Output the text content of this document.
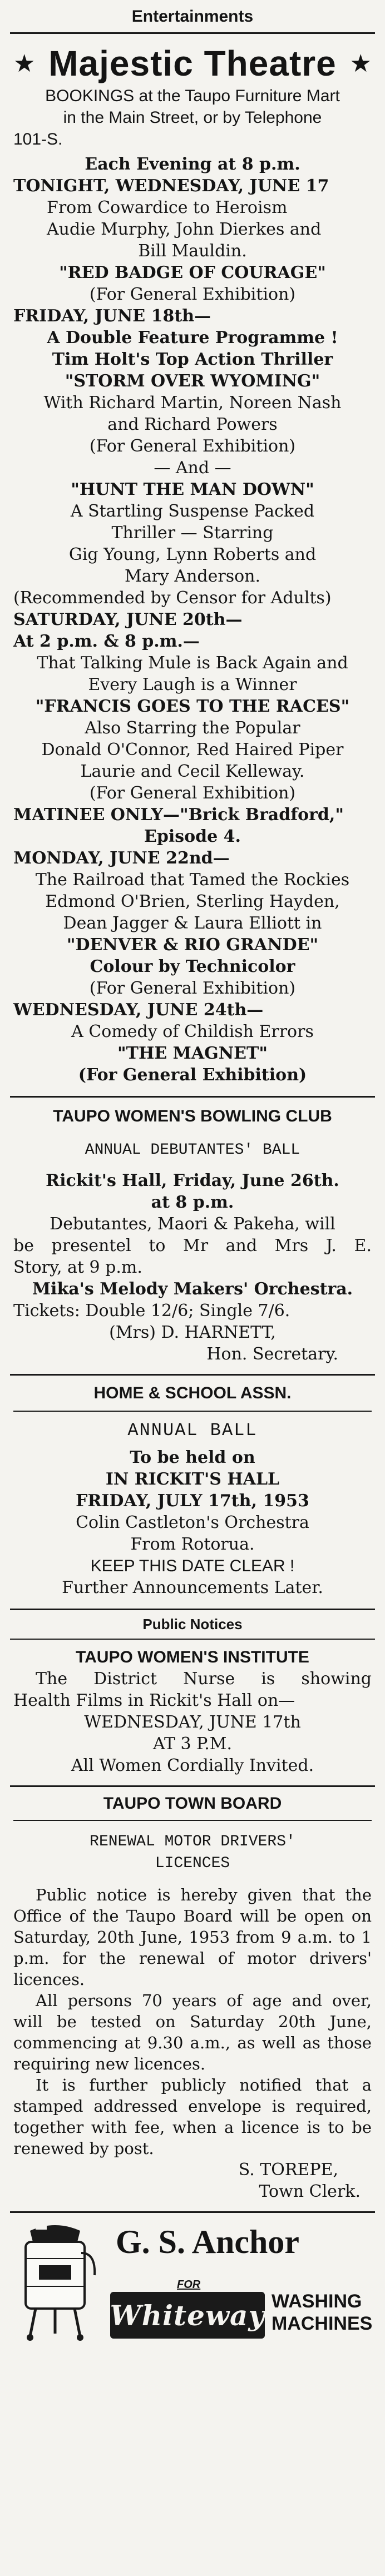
Entertainments

★ Majestic Theatre ★

BOOKINGS at the Taupo Furniture Mart

in the Main Street, or by Telephone

101-S.

Each Evening at 8 p.m.

TONIGHT, WEDNESDAY, JUNE 17

From Cowardice to Heroism

Audie Murphy, John Dierkes and

Bill Mauldin.

"RED BADGE OF COURAGE"

(For General Exhibition)

FRIDAY, JUNE 18th—

A Double Feature Programme !

Tim Holt's Top Action Thriller

"STORM OVER WYOMING"

With Richard Martin, Noreen Nash

and Richard Powers

(For General Exhibition)

— And —

"HUNT THE MAN DOWN"

A Startling Suspense Packed

Thriller — Starring

Gig Young, Lynn Roberts and

Mary Anderson.

(Recommended by Censor for Adults)

SATURDAY, JUNE 20th—

At 2 p.m. & 8 p.m.—

That Talking Mule is Back Again and

Every Laugh is a Winner

"FRANCIS GOES TO THE RACES"

Also Starring the Popular

Donald O'Connor, Red Haired Piper

Laurie and Cecil Kelleway.

(For General Exhibition)

MATINEE ONLY—"Brick Bradford,"

Episode 4.

MONDAY, JUNE 22nd—

The Railroad that Tamed the Rockies

Edmond O'Brien, Sterling Hayden,

Dean Jagger & Laura Elliott in

"DENVER & RIO GRANDE"

Colour by Technicolor

(For General Exhibition)

WEDNESDAY, JUNE 24th—

A Comedy of Childish Errors

"THE MAGNET"

(For General Exhibition)

TAUPO WOMEN'S BOWLING CLUB

ANNUAL DEBUTANTES' BALL

Rickit's Hall, Friday, June 26th.

at 8 p.m.

Debutantes, Maori & Pakeha, will

be presentel to Mr and Mrs J. E.

Story, at 9 p.m.

Mika's Melody Makers' Orchestra.

Tickets: Double 12/6; Single 7/6.

(Mrs) D. HARNETT,

Hon. Secretary.

HOME & SCHOOL ASSN.

ANNUAL BALL

To be held on

IN RICKIT'S HALL

FRIDAY, JULY 17th, 1953

Colin Castleton's Orchestra

From Rotorua.

KEEP THIS DATE CLEAR !

Further Announcements Later.

Public Notices

TAUPO WOMEN'S INSTITUTE

The District Nurse is showing

Health Films in Rickit's Hall on—

WEDNESDAY, JUNE 17th

AT 3 P.M.

All Women Cordially Invited.

TAUPO TOWN BOARD

RENEWAL MOTOR DRIVERS'

LICENCES

Public notice is hereby given that the Office of the Taupo Board will be open on Saturday, 20th June, 1953 from 9 a.m. to 1 p.m. for the renewal of motor drivers' licences.

All persons 70 years of age and over, will be tested on Saturday 20th June, commencing at 9.30 a.m., as well as those requiring new licences.

It is further publicly notified that a stamped addressed envelope is required, together with fee, when a licence is to be renewed by post.

S. TOREPE,

Town Clerk.

G. S. Anchor

FOR

Whiteway WASHING

MACHINES
